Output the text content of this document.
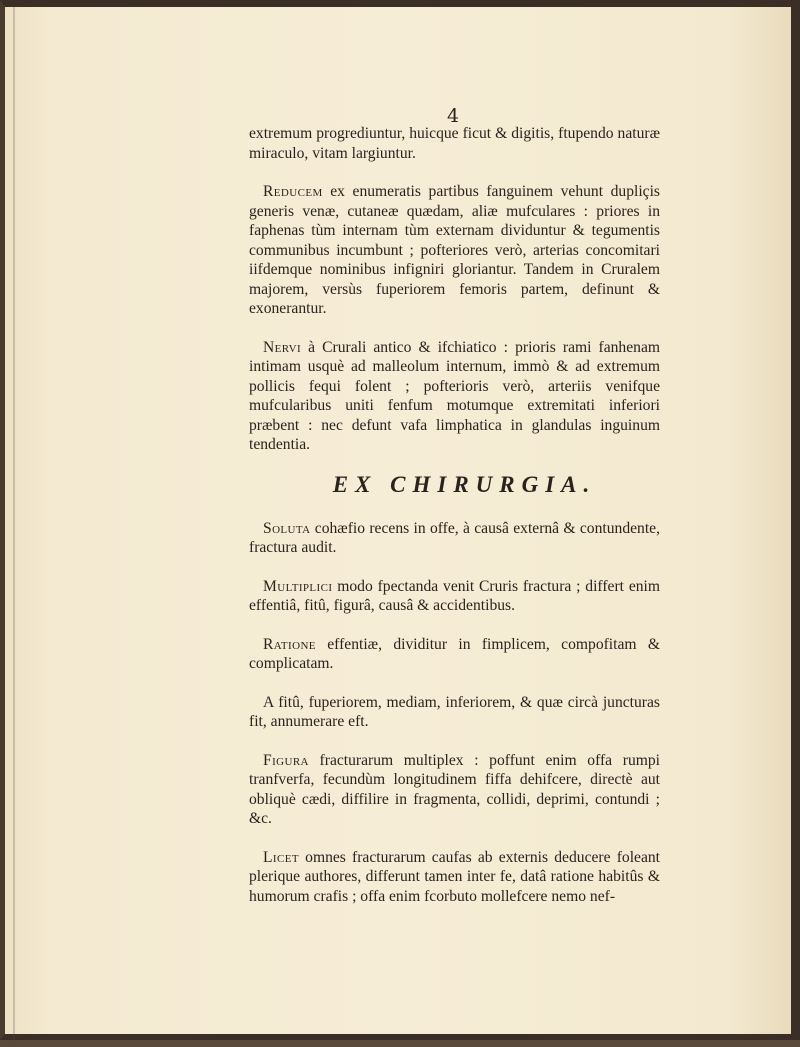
4

extremum progrediuntur, huicque ficut & digitis, ftupendo naturæ miraculo, vitam largiuntur.

Reducem ex enumeratis partibus fanguinem vehunt dupliçis generis venæ, cutaneæ quædam, aliæ mufculares : priores in faphenas tùm internam tùm externam dividuntur & tegumentis communibus incumbunt ; pofteriores verò, arterias concomitari iifdemque nominibus infigniri gloriantur. Tandem in Cruralem majorem, versùs fuperiorem femoris partem, definunt & exonerantur.

Nervi à Crurali antico & ifchiatico : prioris rami fanhenam intimam usquè ad malleolum internum, immò & ad extremum pollicis fequi folent ; pofterioris verò, arteriis venifque mufcularibus uniti fenfum motumque extremitati inferiori præbent : nec defunt vafa limphatica in glandulas inguinum tendentia.

EX CHIRURGIA.

Soluta cohæfio recens in offe, à causâ externâ & contundente, fractura audit.

Multiplici modo fpectanda venit Cruris fractura ; differt enim effentiâ, fitû, figurâ, causâ & accidentibus.

Ratione effentiæ, dividitur in fimplicem, compofitam & complicatam.

A fitû, fuperiorem, mediam, inferiorem, & quæ circà juncturas fit, annumerare eft.

Figura fracturarum multiplex : poffunt enim offa rumpi tranfverfa, fecundùm longitudinem fiffa dehifcere, directè aut obliquè cædi, diffilire in fragmenta, collidi, deprimi, contundi ; &c.

Licet omnes fracturarum caufas ab externis deducere foleant plerique authores, differunt tamen inter fe, datâ ratione habitûs & humorum crafis ; offa enim fcorbuto mollefcere nemo nef-
